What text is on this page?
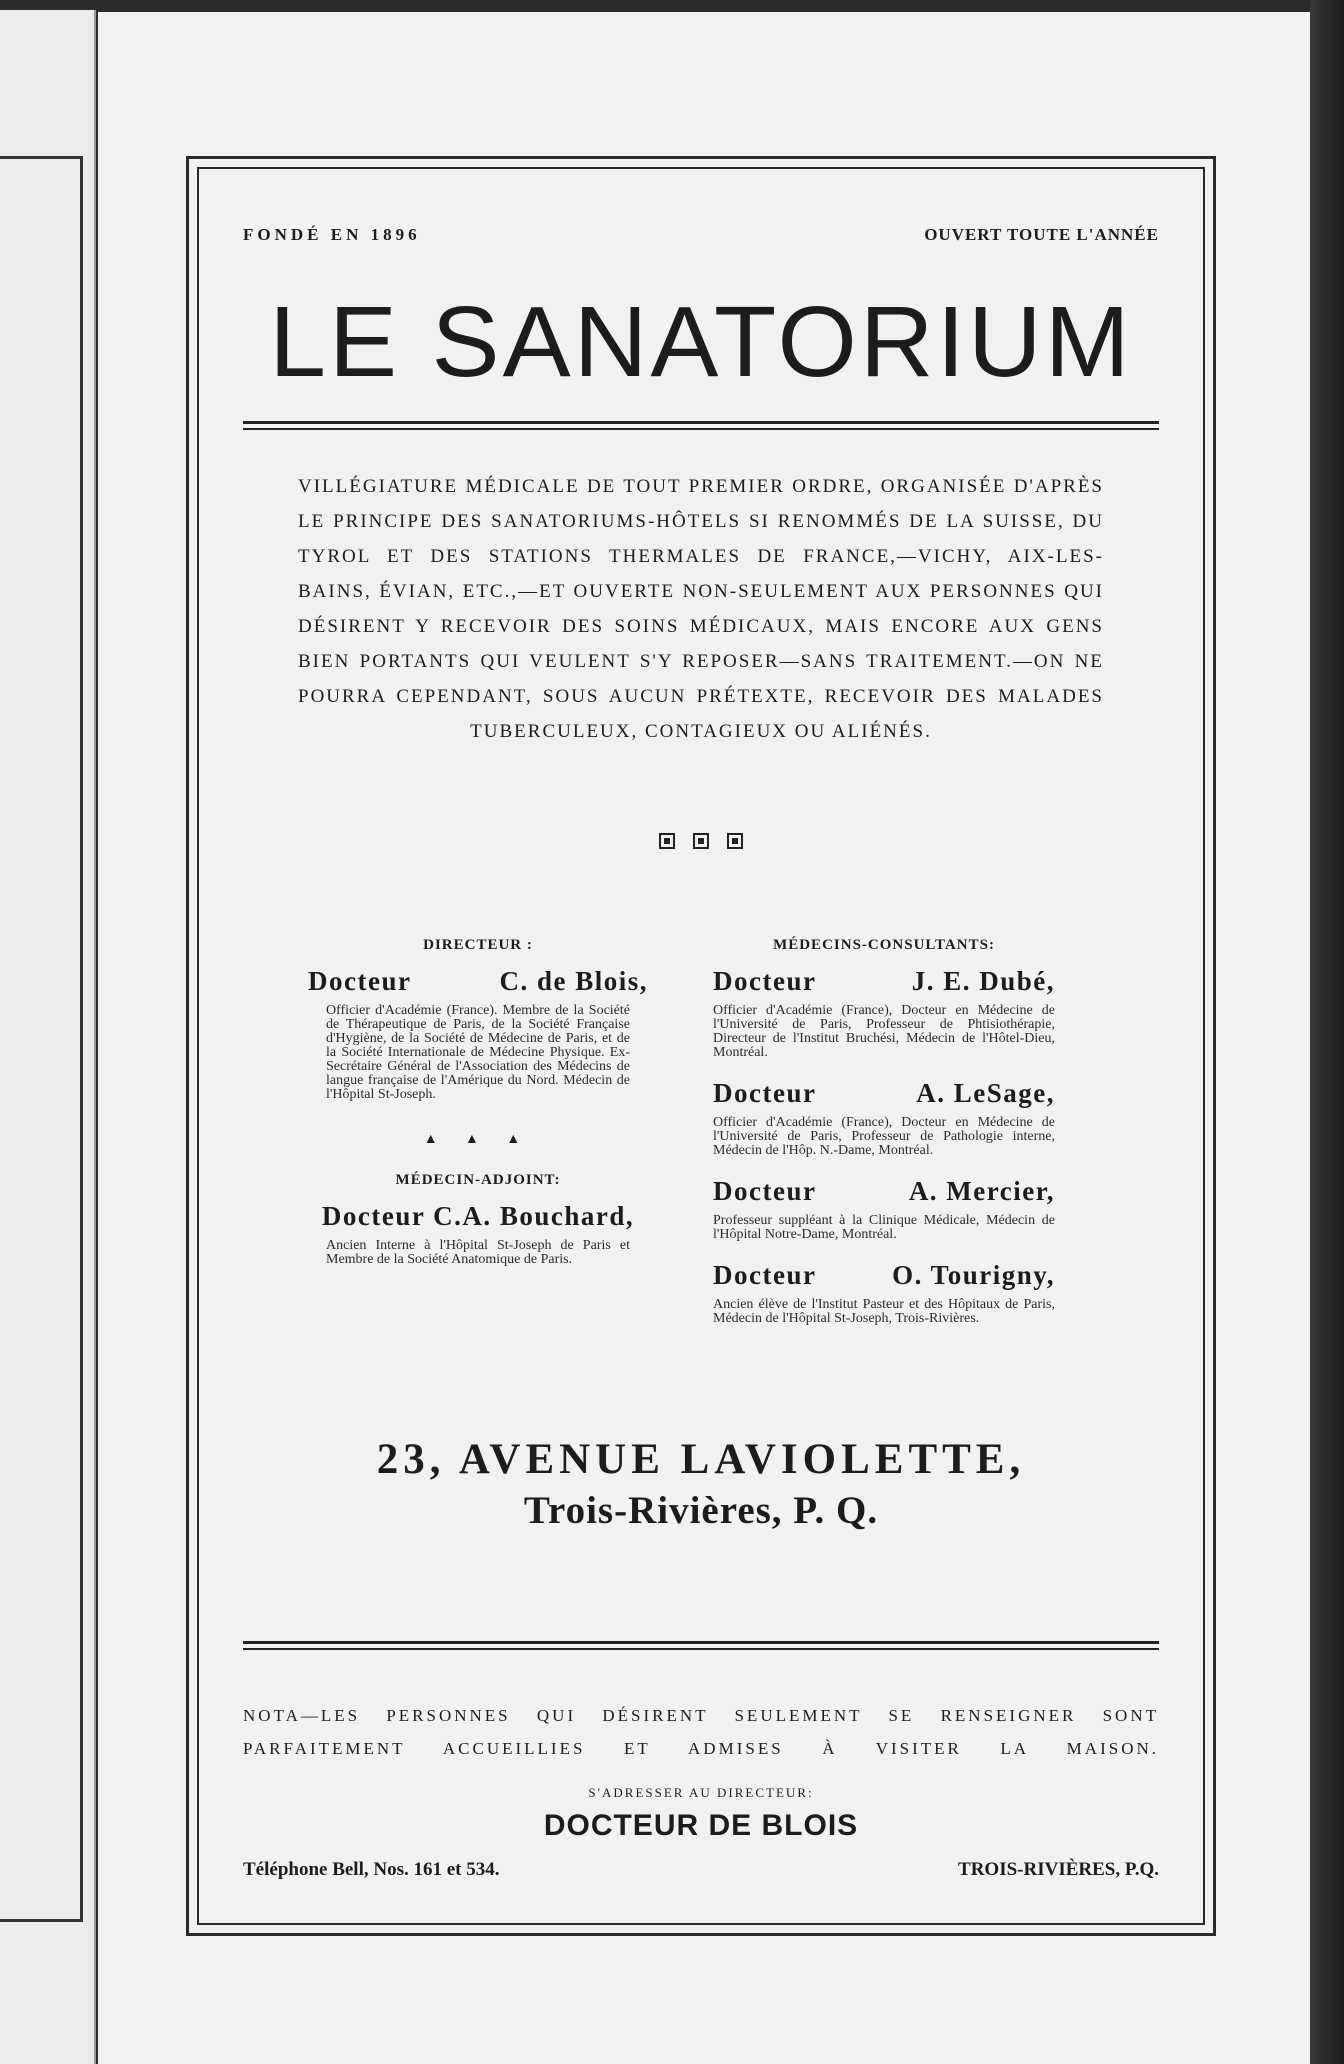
FONDÉ EN 1896	OUVERT TOUTE L'ANNÉE
LE SANATORIUM
VILLÉGIATURE MÉDICALE DE TOUT PREMIER ORDRE, ORGANISÉE D'APRÈS LE PRINCIPE DES SANATORIUMS-HÔTELS SI RENOMMÉS DE LA SUISSE, DU TYROL ET DES STATIONS THERMALES DE FRANCE,—VICHY, AIX-LES-BAINS, ÉVIAN, ETC.,—ET OUVERTE NON-SEULEMENT AUX PERSONNES QUI DÉSIRENT Y RECEVOIR DES SOINS MÉDICAUX, MAIS ENCORE AUX GENS BIEN PORTANTS QUI VEULENT S'Y REPOSER—SANS TRAITEMENT.—ON NE POURRA CEPENDANT, SOUS AUCUN PRÉTEXTE, RECEVOIR DES MALADES TUBERCULEUX, CONTAGIEUX OU ALIÉNÉS.
DIRECTEUR :
Docteur	C. de Blois,
Officier d'Académie (France). Membre de la Société de Thérapeutique de Paris, de la Société Française d'Hygiène, de la Société de Médecine de Paris, et de la Société Internationale de Médecine Physique. Ex-Secrétaire Général de l'Association des Médecins de langue française de l'Amérique du Nord. Médecin de l'Hôpital St-Joseph.
▲ ▲ ▲
MÉDECIN-ADJOINT:
Docteur C.A. Bouchard,
Ancien Interne à l'Hôpital St-Joseph de Paris et Membre de la Société Anatomique de Paris.
MÉDECINS-CONSULTANTS:
Docteur	J. E. Dubé,
Officier d'Académie (France), Docteur en Médecine de l'Université de Paris, Professeur de Phtisiothérapie, Directeur de l'Institut Bruchési, Médecin de l'Hôtel-Dieu, Montréal.
Docteur	A. LeSage,
Officier d'Académie (France), Docteur en Médecine de l'Université de Paris, Professeur de Pathologie interne, Médecin de l'Hôp. N.-Dame, Montréal.
Docteur	A. Mercier,
Professeur suppléant à la Clinique Médicale, Médecin de l'Hôpital Notre-Dame, Montréal.
Docteur	O. Tourigny,
Ancien élève de l'Institut Pasteur et des Hôpitaux de Paris, Médecin de l'Hôpital St-Joseph, Trois-Rivières.
23, AVENUE LAVIOLETTE,
Trois-Rivières, P. Q.
NOTA—LES PERSONNES QUI DÉSIRENT SEULEMENT SE RENSEIGNER SONT PARFAITEMENT ACCUEILLIES ET ADMISES À VISITER LA MAISON.
S'ADRESSER AU DIRECTEUR:
DOCTEUR DE BLOIS
Téléphone Bell, Nos. 161 et 534.	TROIS-RIVIÈRES, P.Q.
